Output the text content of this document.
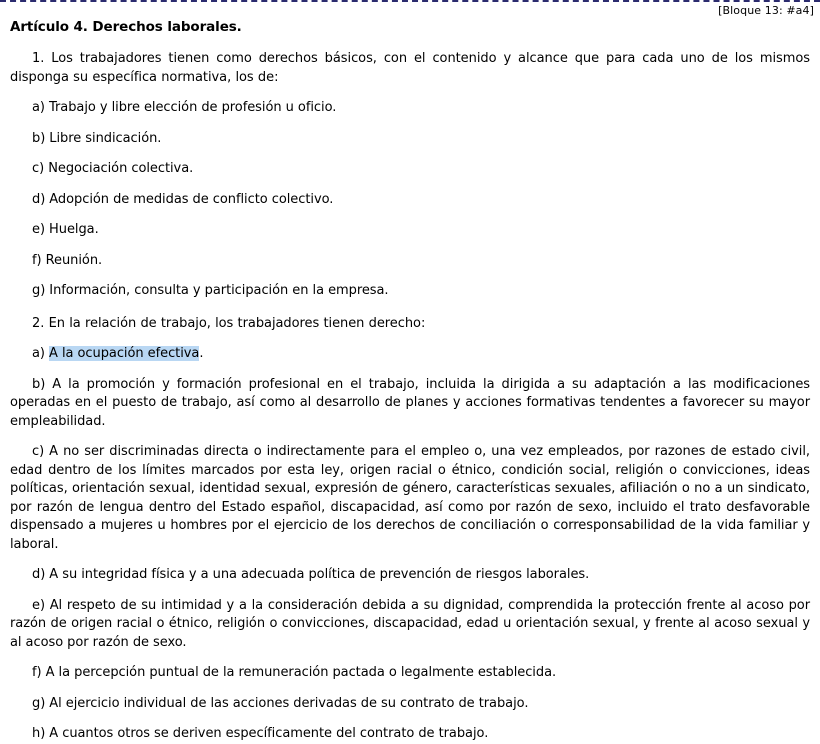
[Bloque 13: #a4]
Artículo 4. Derechos laborales.

1. Los trabajadores tienen como derechos básicos, con el contenido y alcance que para cada uno de los mismos disponga su específica normativa, los de:

a) Trabajo y libre elección de profesión u oficio.

b) Libre sindicación.

c) Negociación colectiva.

d) Adopción de medidas de conflicto colectivo.

e) Huelga.

f) Reunión.

g) Información, consulta y participación en la empresa.

2. En la relación de trabajo, los trabajadores tienen derecho:

a) A la ocupación efectiva.

b) A la promoción y formación profesional en el trabajo, incluida la dirigida a su adaptación a las modificaciones operadas en el puesto de trabajo, así como al desarrollo de planes y acciones formativas tendentes a favorecer su mayor empleabilidad.

c) A no ser discriminadas directa o indirectamente para el empleo o, una vez empleados, por razones de estado civil, edad dentro de los límites marcados por esta ley, origen racial o étnico, condición social, religión o convicciones, ideas políticas, orientación sexual, identidad sexual, expresión de género, características sexuales, afiliación o no a un sindicato, por razón de lengua dentro del Estado español, discapacidad, así como por razón de sexo, incluido el trato desfavorable dispensado a mujeres u hombres por el ejercicio de los derechos de conciliación o corresponsabilidad de la vida familiar y laboral.

d) A su integridad física y a una adecuada política de prevención de riesgos laborales.

e) Al respeto de su intimidad y a la consideración debida a su dignidad, comprendida la protección frente al acoso por razón de origen racial o étnico, religión o convicciones, discapacidad, edad u orientación sexual, y frente al acoso sexual y al acoso por razón de sexo.

f) A la percepción puntual de la remuneración pactada o legalmente establecida.

g) Al ejercicio individual de las acciones derivadas de su contrato de trabajo.

h) A cuantos otros se deriven específicamente del contrato de trabajo.
